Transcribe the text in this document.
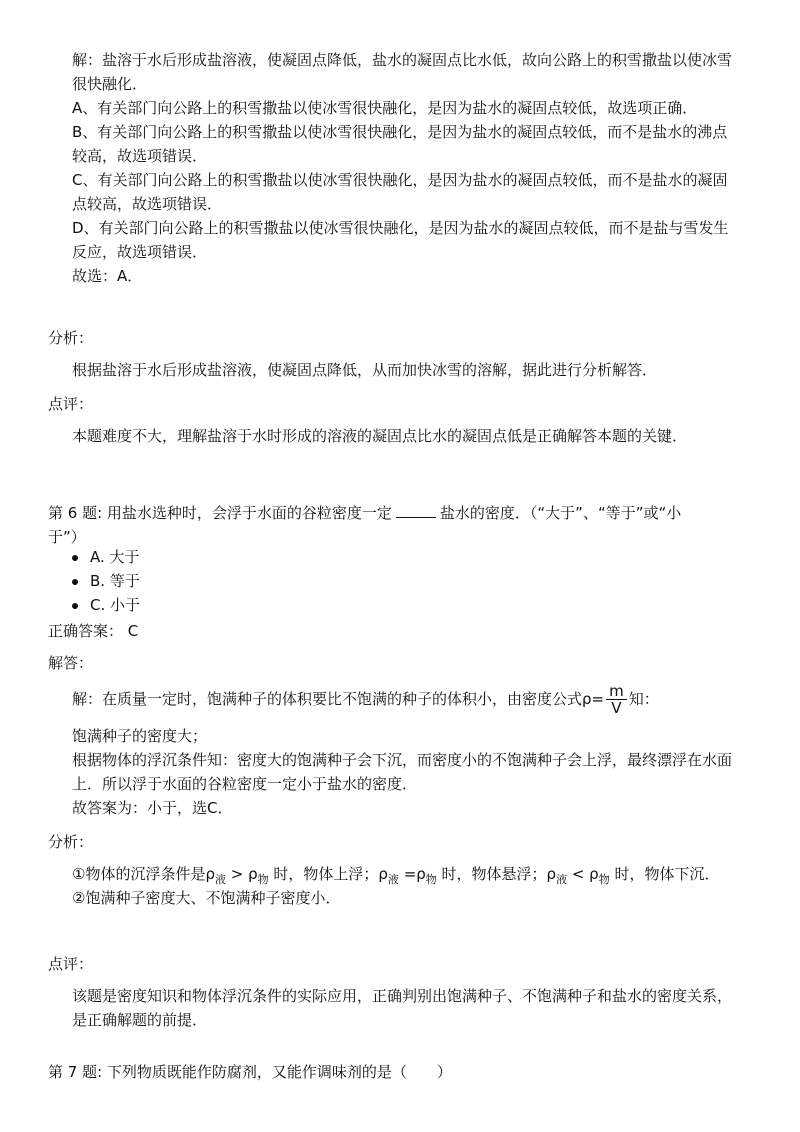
解：盐溶于水后形成盐溶液，使凝固点降低，盐水的凝固点比水低，故向公路上的积雪撒盐以使冰雪很快融化．

A、有关部门向公路上的积雪撒盐以使冰雪很快融化，是因为盐水的凝固点较低，故选项正确．

B、有关部门向公路上的积雪撒盐以使冰雪很快融化，是因为盐水的凝固点较低，而不是盐水的沸点较高，故选项错误．

C、有关部门向公路上的积雪撒盐以使冰雪很快融化，是因为盐水的凝固点较低，而不是盐水的凝固点较高，故选项错误．

D、有关部门向公路上的积雪撒盐以使冰雪很快融化，是因为盐水的凝固点较低，而不是盐与雪发生反应，故选项错误．

故选：A．

分析：

根据盐溶于水后形成盐溶液，使凝固点降低，从而加快冰雪的溶解，据此进行分析解答．

点评：

本题难度不大，理解盐溶于水时形成的溶液的凝固点比水的凝固点低是正确解答本题的关键．

第 6 题: 用盐水选种时，会浮于水面的谷粒密度一定	盐水的密度．（“大于”、“等于”或“小于”）

A. 大于
B. 等于
C. 小于

正确答案： C

解答：

解：在质量一定时，饱满种子的体积要比不饱满的种子的体积小，由密度公式$\rho= \frac{m}{V}$ 知：

饱满种子的密度大；

根据物体的浮沉条件知：密度大的饱满种子会下沉，而密度小的不饱满种子会上浮，最终漂浮在水面上．所以浮于水面的谷粒密度一定小于盐水的密度．

故答案为：小于，选C．

分析：

①物体的沉浮条件是$\rho_液 > \rho_物$ 时，物体上浮；$\rho_液 =\rho_物$ 时，物体悬浮；$\rho_液 < \rho_物$ 时，物体下沉．

②饱满种子密度大、不饱满种子密度小．

点评：

该题是密度知识和物体浮沉条件的实际应用，正确判别出饱满种子、不饱满种子和盐水的密度关系，是正确解题的前提．

第 7 题: 下列物质既能作防腐剂，又能作调味剂的是（　　）
